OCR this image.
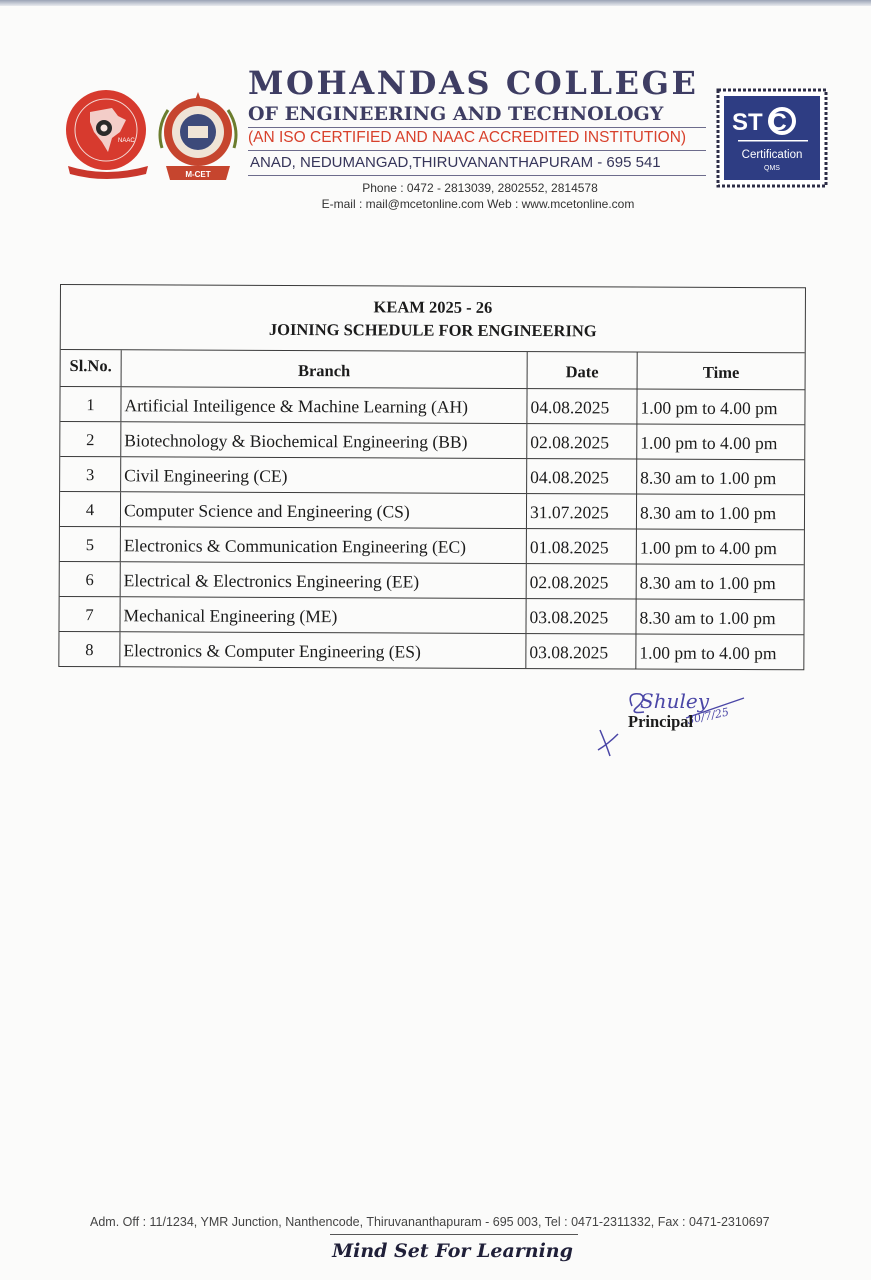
NAAC
M-CET
MOHANDAS COLLEGE
OF ENGINEERING AND TECHNOLOGY
(AN ISO CERTIFIED AND NAAC ACCREDITED INSTITUTION)
ANAD, NEDUMANGAD,THIRUVANANTHAPURAM - 695 541
Phone : 0472 - 2813039, 2802552, 2814578
E-mail : mail@mcetonline.com Web : www.mcetonline.com
ST C
Certification
QMS
KEAM 2025 - 26
JOINING SCHEDULE FOR ENGINEERING
Sl.No.	Branch	Date	Time
1	Artificial Inteiligence & Machine Learning (AH)	04.08.2025	1.00 pm to 4.00 pm
2	Biotechnology & Biochemical Engineering (BB)	02.08.2025	1.00 pm to 4.00 pm
3	Civil Engineering (CE)	04.08.2025	8.30 am to 1.00 pm
4	Computer Science and Engineering (CS)	31.07.2025	8.30 am to 1.00 pm
5	Electronics & Communication Engineering (EC)	01.08.2025	1.00 pm to 4.00 pm
6	Electrical & Electronics Engineering (EE)	02.08.2025	8.30 am to 1.00 pm
7	Mechanical Engineering (ME)	03.08.2025	8.30 am to 1.00 pm
8	Electronics & Computer Engineering (ES)	03.08.2025	1.00 pm to 4.00 pm
Shuley
30/7/25
Principal
Adm. Off : 11/1234, YMR Junction, Nanthencode, Thiruvananthapuram - 695 003, Tel : 0471-2311332, Fax : 0471-2310697
Mind Set For Learning
